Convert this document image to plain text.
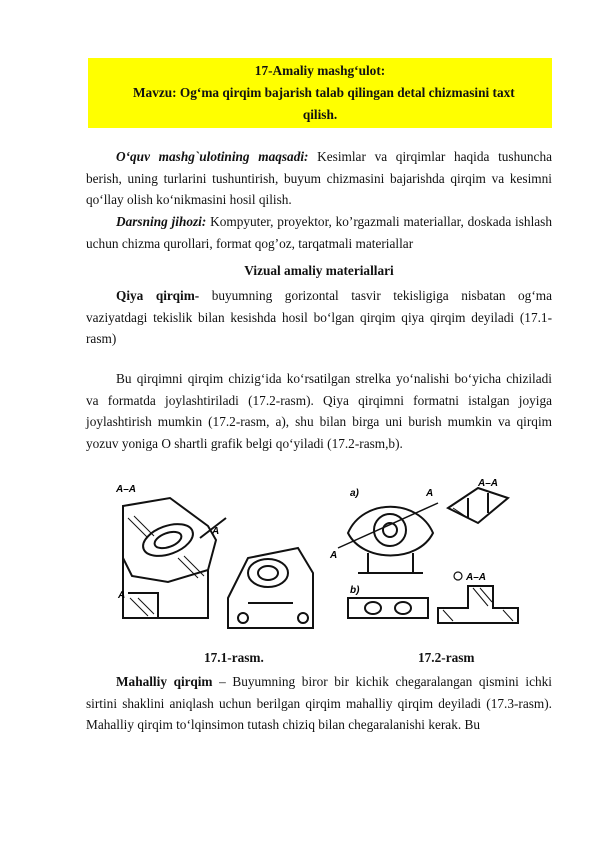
17-Amaliy mashg‘ulot:
Mavzu: Og‘ma qirqim bajarish talab qilingan detal chizmasini taxt
qilish.

O‘quv mashg`ulotining maqsadi: Kesimlar va qirqimlar haqida tushuncha berish, uning turlarini tushuntirish, buyum chizmasini bajarishda qirqim va kesimni qo‘llay olish ko‘nikmasini hosil qilish.

Darsning jihozi: Kompyuter, proyektor, ko’rgazmali materiallar, doskada ishlash uchun chizma qurollari, format qog’oz, tarqatmali materiallar

Vizual amaliy materiallari

Qiya qirqim- buyumning gorizontal tasvir tekisligiga nisbatan og‘ma vaziyatdagi tekislik bilan kesishda hosil bo‘lgan qirqim qiya qirqim deyiladi (17.1-rasm)

Bu qirqimni qirqim chizig‘ida ko‘rsatilgan strelka yo‘nalishi bo‘yicha chiziladi va formatda joylashtiriladi (17.2-rasm). Qiya qirqimni formatni istalgan joyiga joylashtirish mumkin (17.2-rasm, a), shu bilan birga uni burish mumkin va qirqim yozuv yoniga O shartli grafik belgi qo‘yiladi (17.2-rasm,b).

A–A
A
A
a)	A
A
A–A
b)
A–A
17.1-rasm.	17.2-rasm

Mahalliy qirqim – Buyumning biror bir kichik chegaralangan qismini ichki sirtini shaklini aniqlash uchun berilgan qirqim mahalliy qirqim deyiladi (17.3-rasm). Mahalliy qirqim to‘lqinsimon tutash chiziq bilan chegaralanishi kerak. Bu
